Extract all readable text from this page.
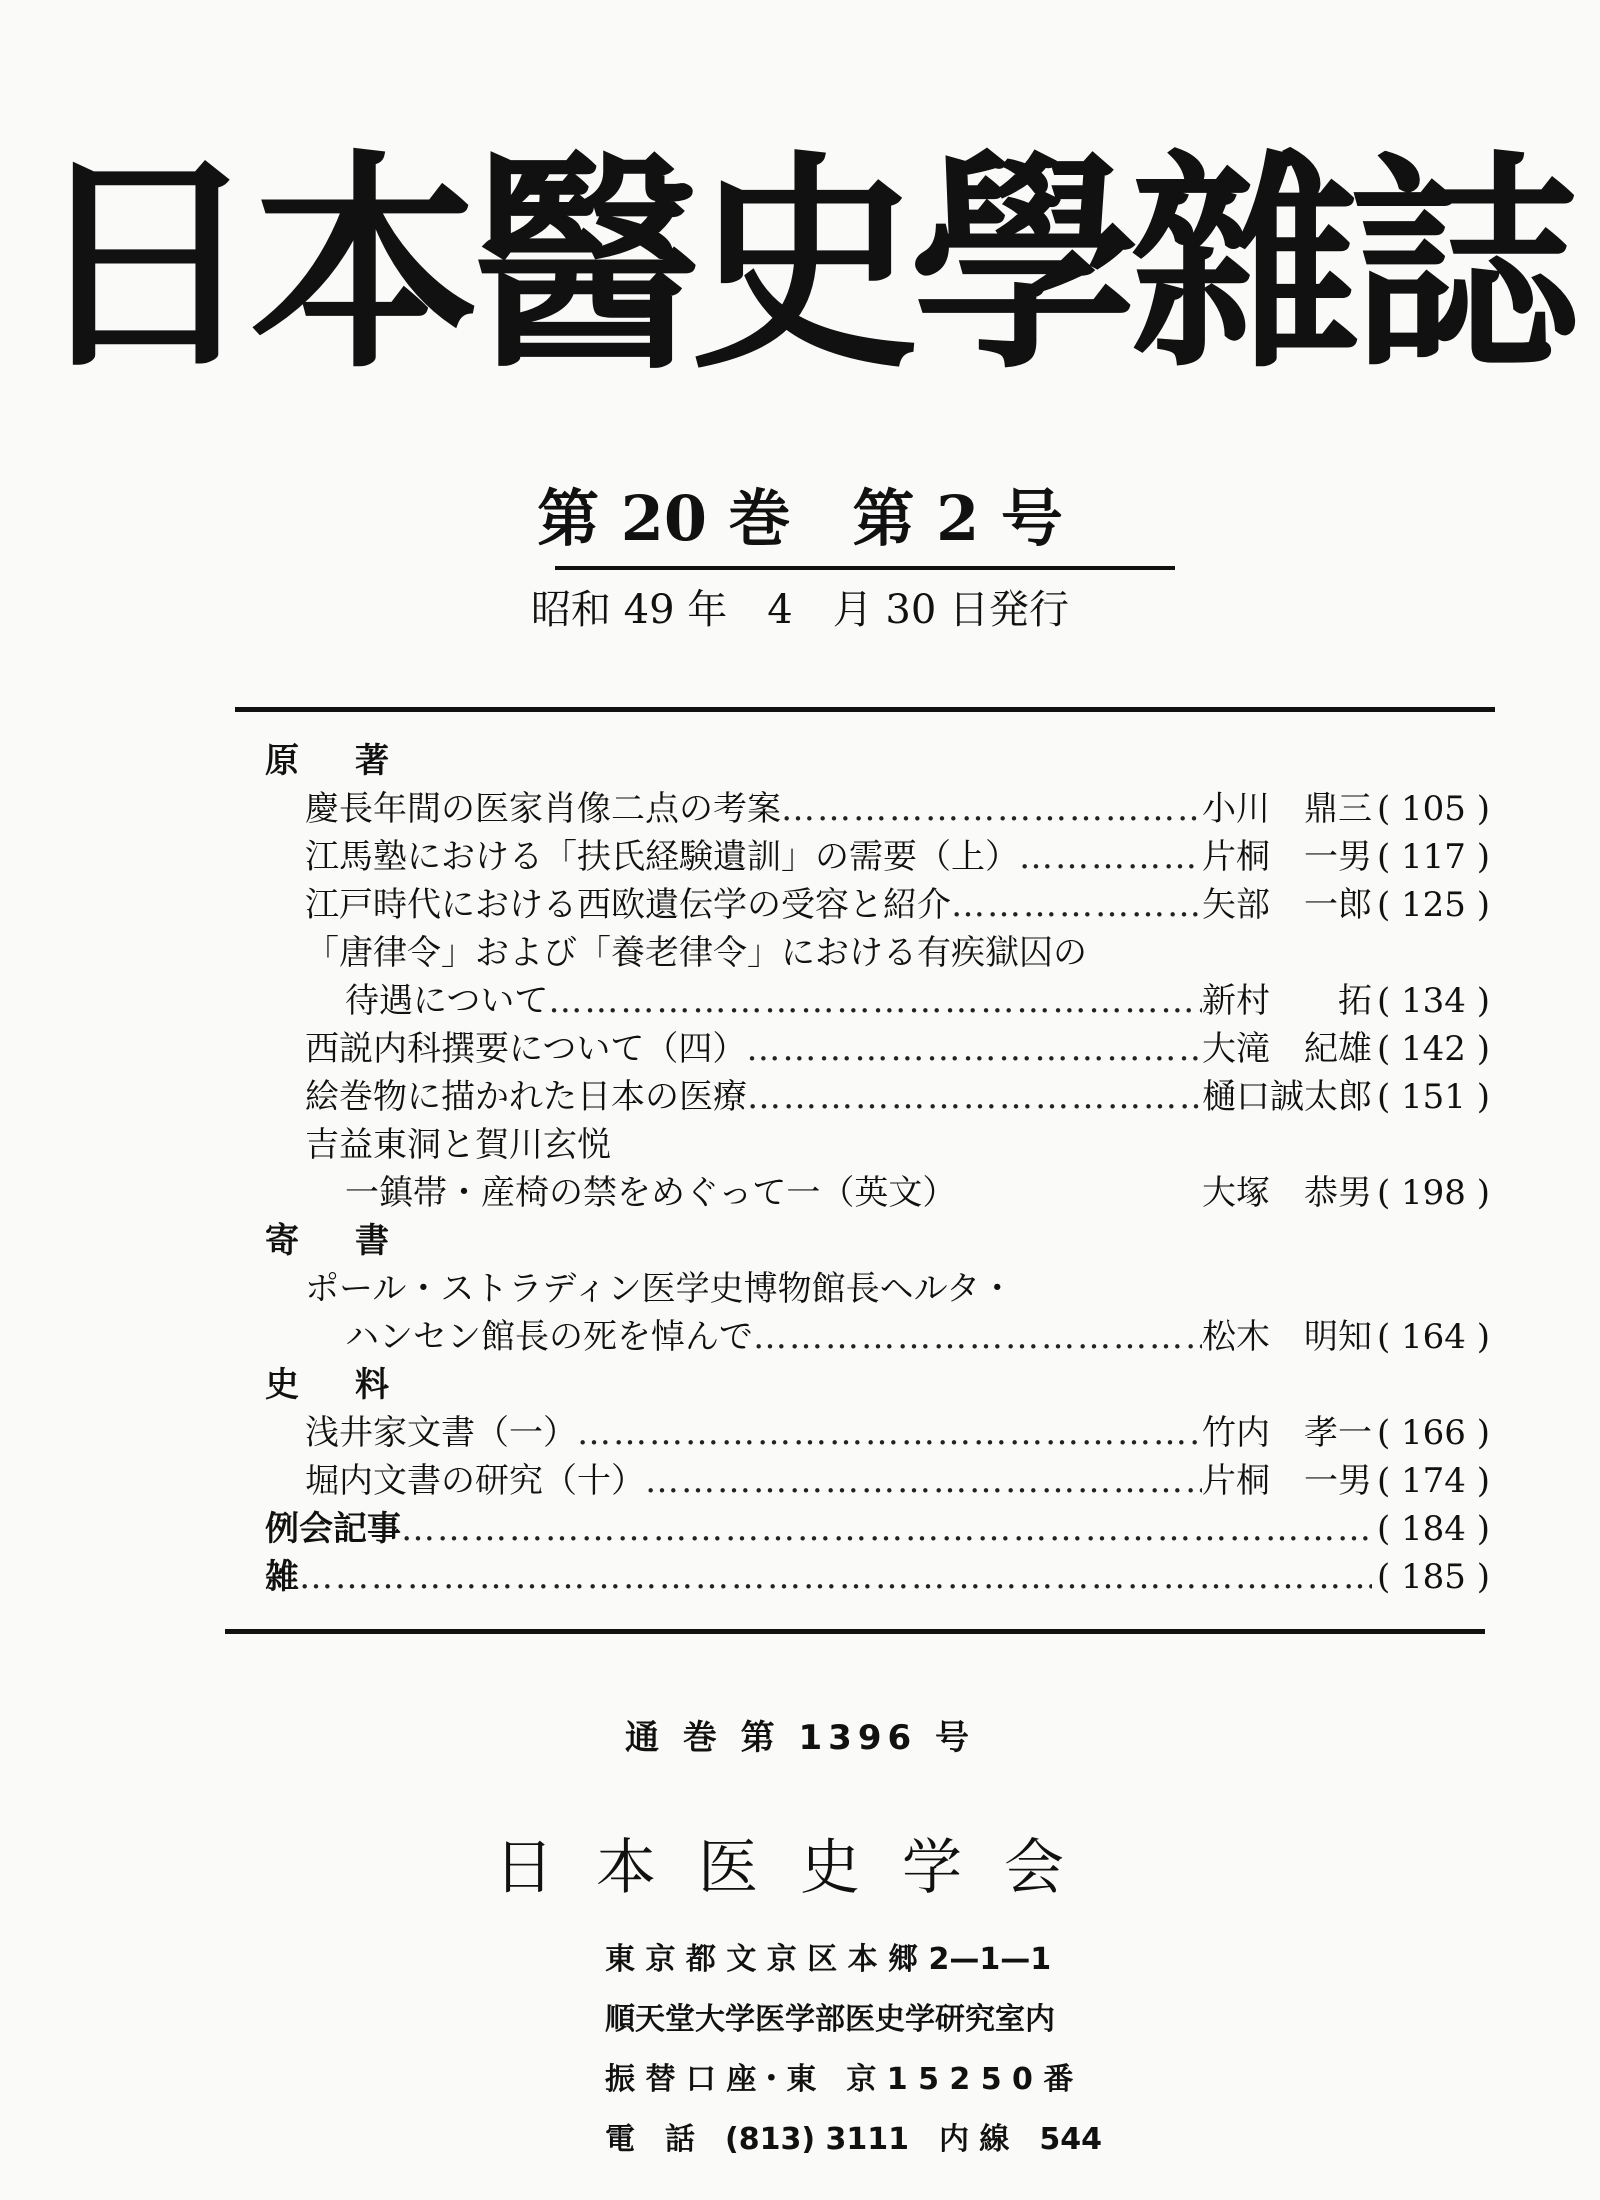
日本醫史學雜誌
第 20 巻　第 2 号
昭和 49 年　4　月 30 日発行
原著
慶長年間の医家肖像二点の考案 …………………………………………………………………………………………………………………………………………………………	小川　鼎三 ( 105 )
江馬塾における「扶氏経験遺訓」の需要（上） …………………………………………………………………………………………………………………………………………………………	片桐　一男 ( 117 )
江戸時代における西欧遺伝学の受容と紹介 …………………………………………………………………………………………………………………………………………………………	矢部　一郎 ( 125 )
「唐律令」および「養老律令」における有疾獄囚の
待遇について …………………………………………………………………………………………………………………………………………………………	新村　　拓 ( 134 )
西説内科撰要について（四） …………………………………………………………………………………………………………………………………………………………	大滝　紀雄 ( 142 )
絵巻物に描かれた日本の医療 …………………………………………………………………………………………………………………………………………………………	樋口誠太郎 ( 151 )
吉益東洞と賀川玄悦
一鎮帯・産椅の禁をめぐって一（英文）	大塚　恭男 ( 198 )
寄書
ポール・ストラディン医学史博物館長ヘルタ・
ハンセン館長の死を悼んで …………………………………………………………………………………………………………………………………………………………	松木　明知 ( 164 )
史料
浅井家文書（一） …………………………………………………………………………………………………………………………………………………………	竹内　孝一 ( 166 )
堀内文書の研究（十） …………………………………………………………………………………………………………………………………………………………	片桐　一男 ( 174 )
例会記事 …………………………………………………………………………………………………………………………………………………………	( 184 )
雑 …………………………………………………………………………………………………………………………………………………………	( 185 )
通 巻 第 1396 号
日本医史学会
東 京 都 文 京 区 本 郷 2—1—1
順天堂大学医学部医史学研究室内
振 替 口 座・東　京 1 5 2 5 0 番
電　話　(813) 3111　内 線　544
